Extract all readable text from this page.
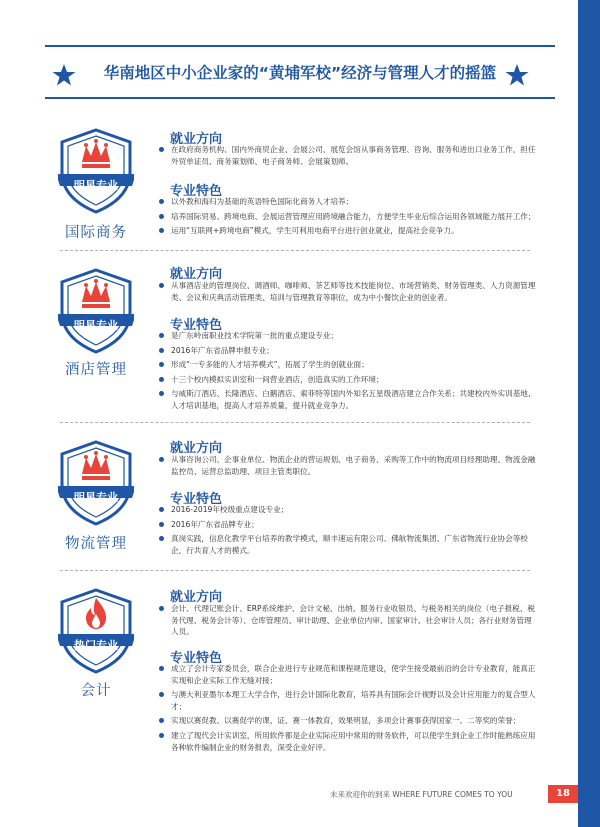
华南地区中小企业家的“黄埔军校”经济与管理人才的摇篮
明星专业
国际商务
就业方向
在政府商务机构、国内外商贸企业、会展公司、展览会馆从事商务管理、咨询、服务和进出口业务工作，担任外贸单证员、商务策划师、电子商务师、会展策划师。
专业特色
以外教和海归为基础的英语特色国际化商务人才培养；
培养国际贸易、跨境电商、会展运营管理应用跨境融合能力，方便学生毕业后综合运用各领域能力展开工作；
运用“互联网+跨境电商”模式，学生可利用电商平台进行创业就业，提高社会竞争力。
明星专业
酒店管理
就业方向
从事酒店业的管理岗位、调酒师、咖啡师、茶艺师等技术技能岗位、市场营销类、财务管理类、人力资源管理类、会议和庆典活动管理类、培训与管理教育等职位，成为中小餐饮企业的创业者。
专业特色
是广东岭南职业技术学院第一批的重点建设专业；
2016年广东省品牌申报专业；
形成“一专多能的人才培养模式”，拓展了学生的创就业面；
十三个校内模拟实训室和一间营业酒店，创造真实的工作环境；
与威斯汀酒店、长隆酒店、白鹅酒店、索菲特等国内外知名五星级酒店建立合作关系；共建校内外实训基地、人才培训基地，提高人才培养质量，提升就业竞争力。
明星专业
物流管理
就业方向
从事咨询公司、企事业单位、物流企业的营运规划、电子商务、采购等工作中的物流项目经理助理、物流金融监控员、运营总监助理、项目主管类职位。
专业特色
2016-2019年校级重点建设专业；
2016年广东省品牌专业；
真岗实践，信息化教学平台培养的教学模式，顺丰速运有限公司、佛航物流集团、广东省物流行业协会等校企，行共育人才的模式。
热门专业
会计
就业方向
会计、代理记账会计、ERP系统维护、会计文秘、出纳、服务行业收银员、与税务相关的岗位（电子报税、税务代理、税务会计等）、仓库管理员、审计助理、企业单位内审、国家审计、社会审计人员；各行业财务管理人员。
专业特色
成立了会计专家委员会，联合企业进行专业规范和课程规范建设，使学生接受最前沿的会计专业教育，能真正实现和企业实际工作无缝对接；
与澳大利亚墨尔本理工大学合作，进行会计国际化教育，培养具有国际会计视野以及会计应用能力的复合型人才；
实现以赛促教、以赛促学的课、证、赛一体教育，效果明显，多项会计赛事获得国家一、二等奖的荣誉；
建立了现代会计实训室，所用软件都是企业实际应用中常用的财务软件，可以使学生到企业工作时能熟练应用各种软件编制企业的财务报表，深受企业好评。
未来欢迎你的到来 WHERE FUTURE COMES TO YOU	18
